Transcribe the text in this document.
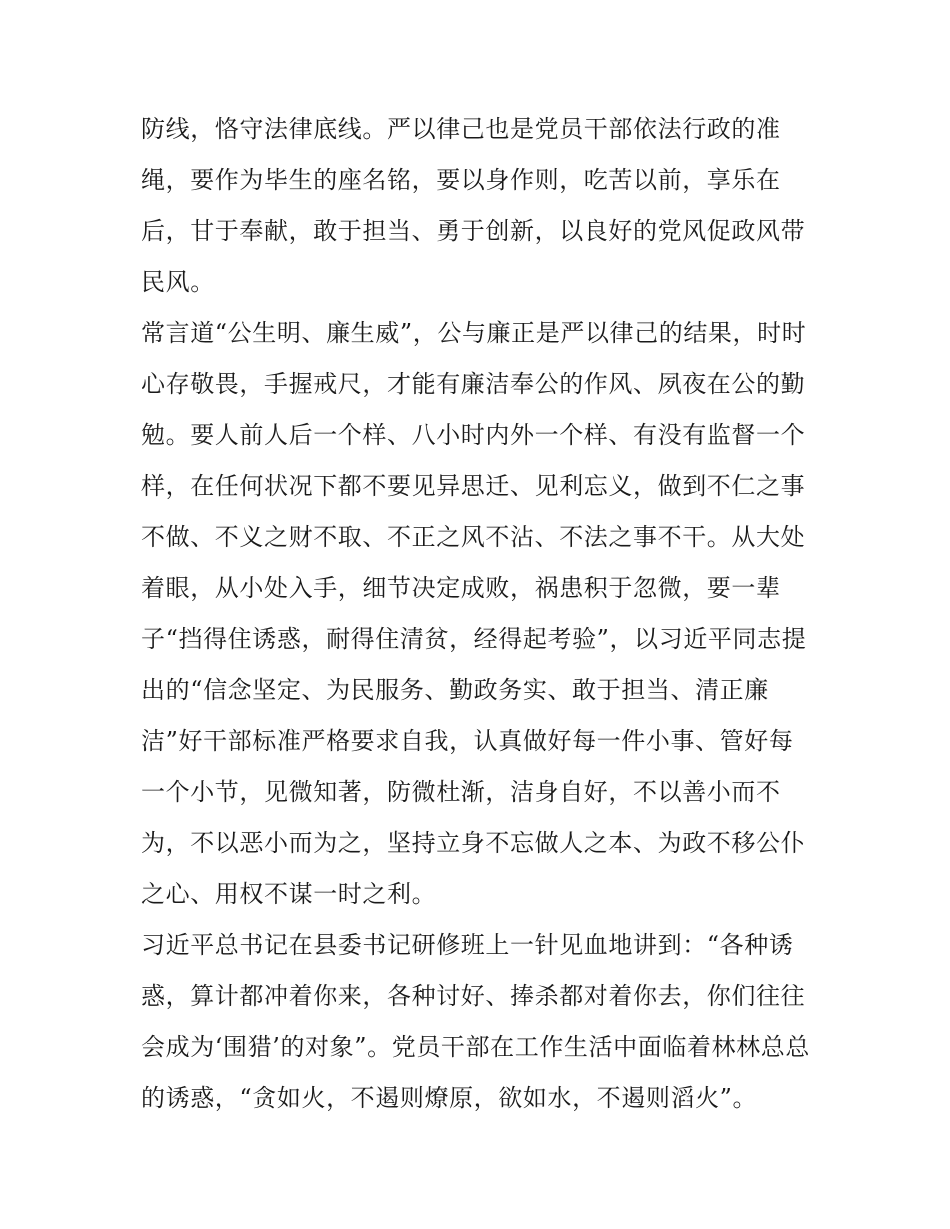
防线，恪守法律底线。严以律己也是党员干部依法行政的准
绳，要作为毕生的座名铭，要以身作则，吃苦以前，享乐在
后，甘于奉献，敢于担当、勇于创新，以良好的党风促政风带
民风。
常言道“公生明、廉生威”，公与廉正是严以律己的结果，时时
心存敬畏，手握戒尺，才能有廉洁奉公的作风、夙夜在公的勤
勉。要人前人后一个样、八小时内外一个样、有没有监督一个
样，在任何状况下都不要见异思迁、见利忘义，做到不仁之事
不做、不义之财不取、不正之风不沾、不法之事不干。从大处
着眼，从小处入手，细节决定成败，祸患积于忽微，要一辈
子“挡得住诱惑，耐得住清贫，经得起考验”，以习近平同志提
出的“信念坚定、为民服务、勤政务实、敢于担当、清正廉
洁”好干部标准严格要求自我，认真做好每一件小事、管好每
一个小节，见微知著，防微杜渐，洁身自好，不以善小而不
为，不以恶小而为之，坚持立身不忘做人之本、为政不移公仆
之心、用权不谋一时之利。
习近平总书记在县委书记研修班上一针见血地讲到：“各种诱
惑，算计都冲着你来，各种讨好、捧杀都对着你去，你们往往
会成为‘围猎’的对象”。党员干部在工作生活中面临着林林总总
的诱惑，“贪如火，不遏则燎原，欲如水，不遏则滔火”。
